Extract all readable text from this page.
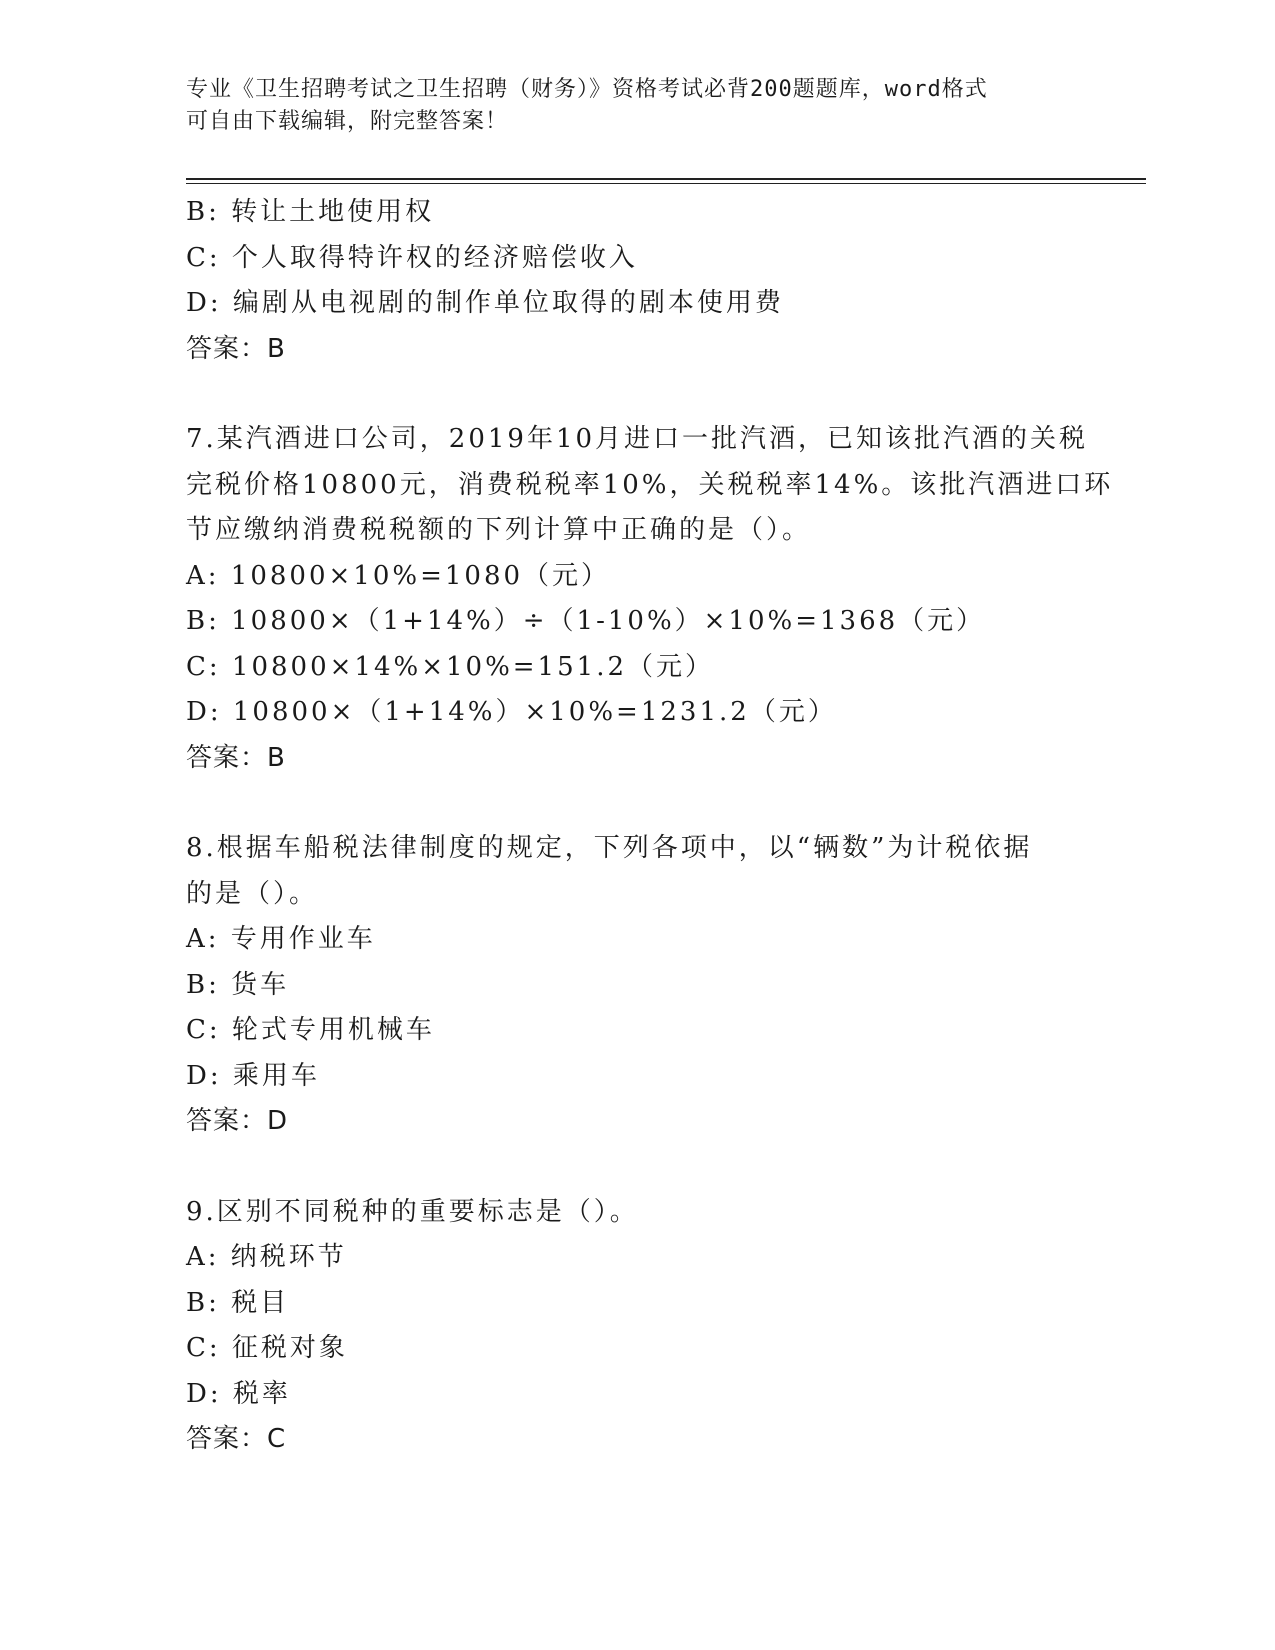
专业《卫生招聘考试之卫生招聘（财务）》资格考试必背200题题库，word格式
可自由下载编辑，附完整答案！
B: 转让土地使用权
C: 个人取得特许权的经济赔偿收入
D: 编剧从电视剧的制作单位取得的剧本使用费
答案：B
7.某汽酒进口公司，2019年10月进口一批汽酒，已知该批汽酒的关税
完税价格10800元，消费税税率10%，关税税率14%。该批汽酒进口环
节应缴纳消费税税额的下列计算中正确的是（）。
A: 10800×10%=1080（元）
B: 10800×（1+14%）÷（1-10%）×10%=1368（元）
C: 10800×14%×10%=151.2（元）
D: 10800×（1+14%）×10%=1231.2（元）
答案：B
8.根据车船税法律制度的规定，下列各项中，以“辆数”为计税依据
的是（）。
A: 专用作业车
B: 货车
C: 轮式专用机械车
D: 乘用车
答案：D
9.区别不同税种的重要标志是（）。
A: 纳税环节
B: 税目
C: 征税对象
D: 税率
答案：C
